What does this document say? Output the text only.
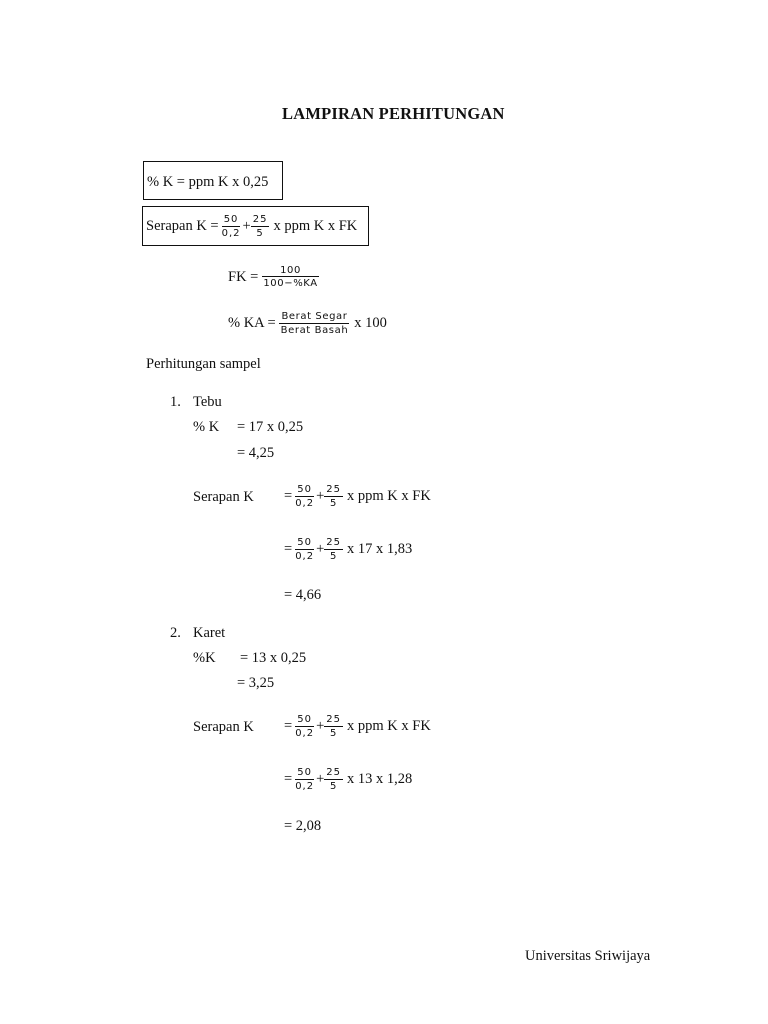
LAMPIRAN PERHITUNGAN
% K = ppm K x 0,25
Serapan $K = \frac{50}{0,2} + \frac{25}{5}$ x ppm K x FK
FK = $\frac{100}{100-\%KA}$
% KA = $\frac{\text{Berat Segar}}{\text{Berat Basah}}$ x 100
Perhitungan sampel
1. Tebu
% K = 17 x 0,25
= 4,25
Serapan $K = \frac{50}{0,2} + \frac{25}{5}$ x ppm K x FK
= $\frac{50}{0,2} + \frac{25}{5}$ x 17 x 1,83
= 4,66
2. Karet
%K = 13 x 0,25
= 3,25
Serapan $K = \frac{50}{0,2} + \frac{25}{5}$ x ppm K x FK
= $\frac{50}{0,2} + \frac{25}{5}$ x 13 x 1,28
= 2,08
Universitas Sriwijaya
